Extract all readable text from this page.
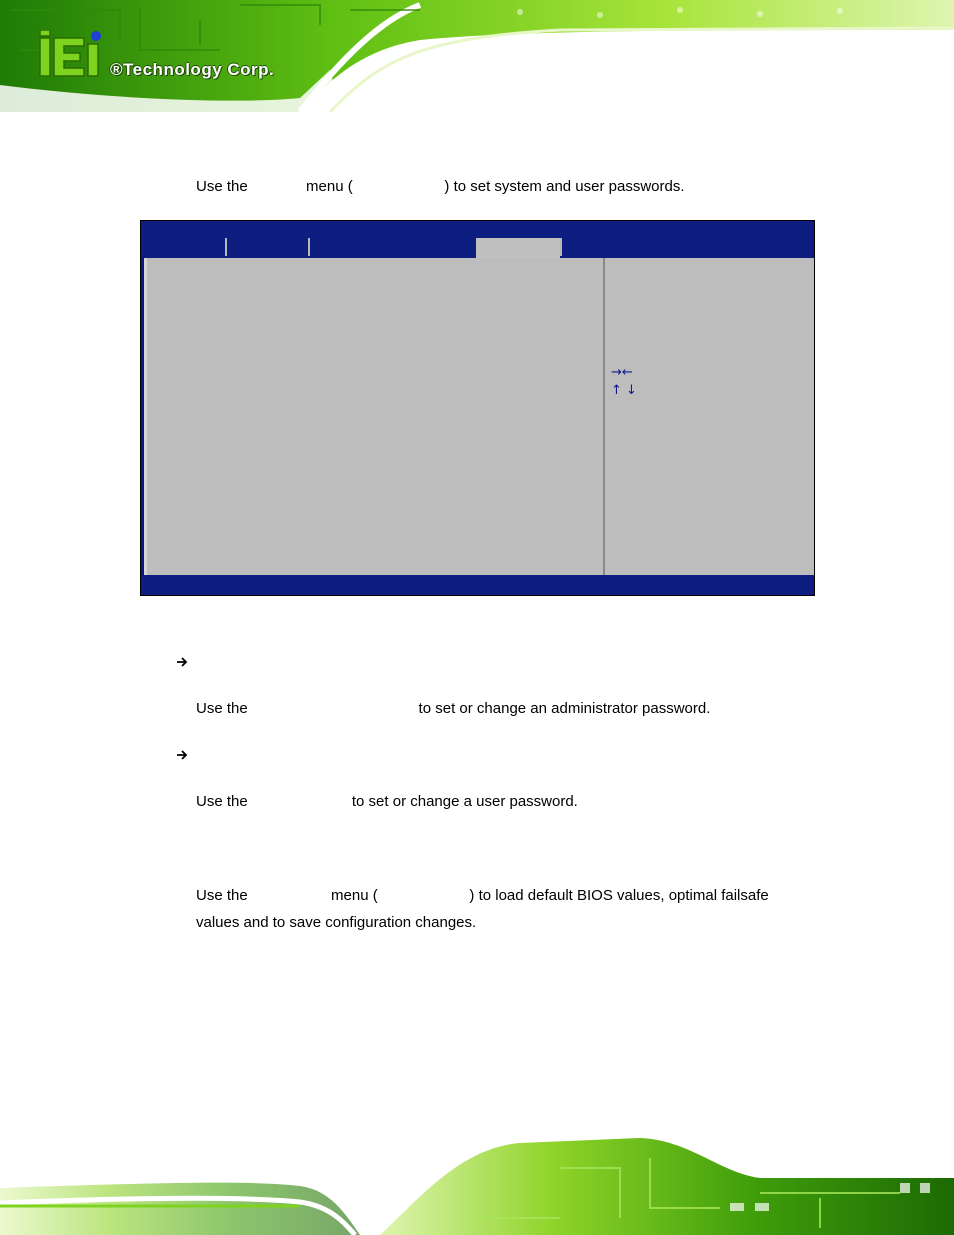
®Technology Corp.
Use the              menu (                      ) to set system and user passwords.
→←
↑ ↓
Use the                                         to set or change an administrator password.
Use the                         to set or change a user password.
Use the                    menu (                      ) to load default BIOS values, optimal failsafe
values and to save configuration changes.
